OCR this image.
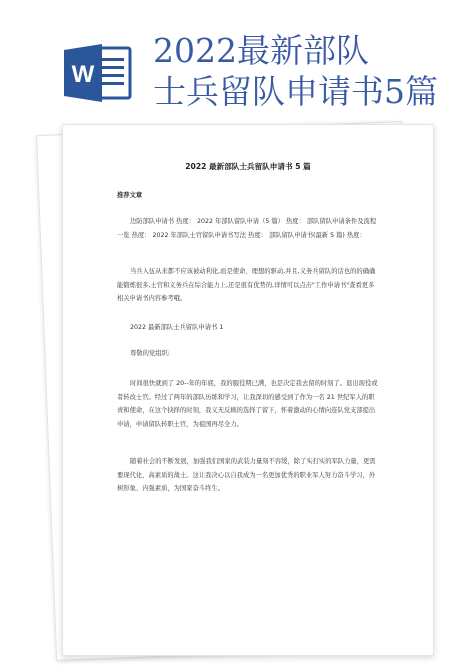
W
2022最新部队
士兵留队申请书5篇
2022 最新部队士兵留队申请书 5 篇

推荐文章

边防部队申请书 热度： 2022 年部队留队申请（5 篇） 热度： 部队留队申请条件及流程一览 热度： 2022 年部队士官留队申请书写法 热度： 部队留队申请书(最新 5 篇) 热度：

当兵入伍从来都不应该被动利化,而是使命、理想的驱动,并且,义务兵留队的话也的的确确能锻炼很多,士官和义务兵在综合能力上,还是很有优势的,详情可以点击"工作申请书"查看更多相关申请书内容参考哦。

2022 最新部队士兵留队申请书 1

尊敬的党组织:

时间很快就到了 20--年的年底，我的服役期已满，也是决定我去留的时刻了。退出现役或者转改士官。经过了两年的部队历练和学习，让我深切的感受到了作为一名 21 世纪军人的职责和使命，在这个抉择的时刻，我义无反顾的选择了留下，怀着激动的心情向连队党支部提出申请，申请留队转职士官，为祖国再尽全力。

随着社会的不断发展，加强我们国家的武装力量刻不容缓，除了实打实的军队力量，更需要现代化，高素质的战士。这让我决心以自我成为一名更加优秀的职业军人努力奋斗学习，外树形象、内强素质，为国家奋斗终生。
